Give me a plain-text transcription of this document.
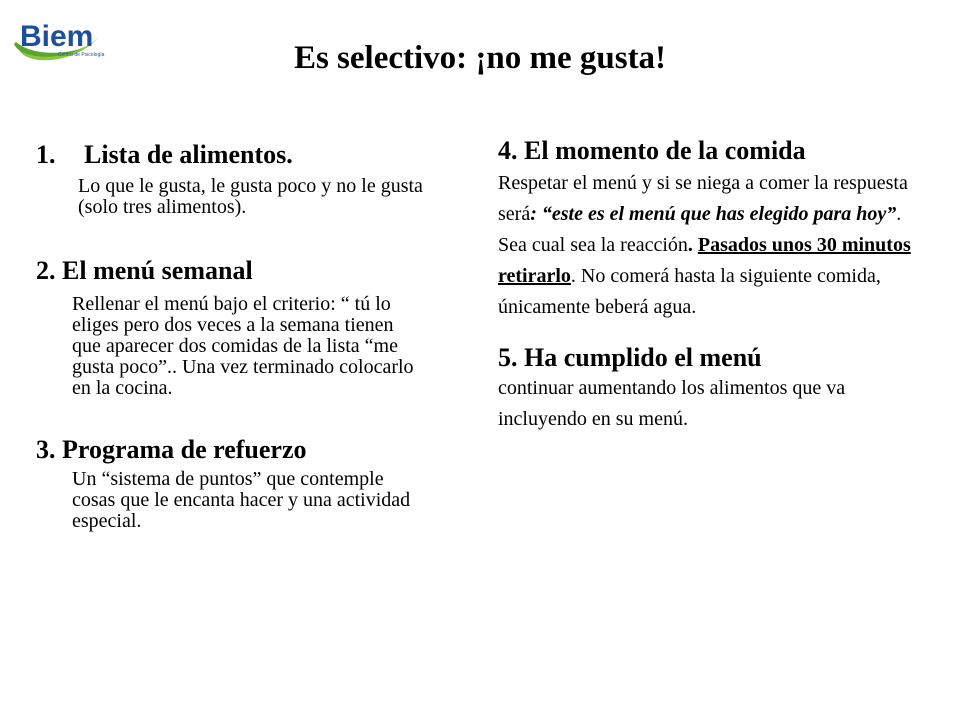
Biem
Centro de Psicología	Es selectivo: ¡no me gusta!
1.	Lista de alimentos.

Lo que le gusta, le gusta poco y no le gusta (solo tres alimentos).

2. El menú semanal

Rellenar el menú bajo el criterio: “ tú lo eliges pero dos veces a la semana tienen que aparecer dos comidas de la lista “me gusta poco”.. Una vez terminado colocarlo en la cocina.

3. Programa de refuerzo

Un “sistema de puntos” que contemple cosas que le encanta hacer y una actividad especial.

4. El momento de la comida

Respetar el menú y si se niega a comer la respuesta será: “este es el menú que has elegido para hoy”. Sea cual sea la reacción. Pasados unos 30 minutos retirarlo. No comerá hasta la siguiente comida, únicamente beberá agua.

5. Ha cumplido el menú

continuar aumentando los alimentos que va incluyendo en su menú.
